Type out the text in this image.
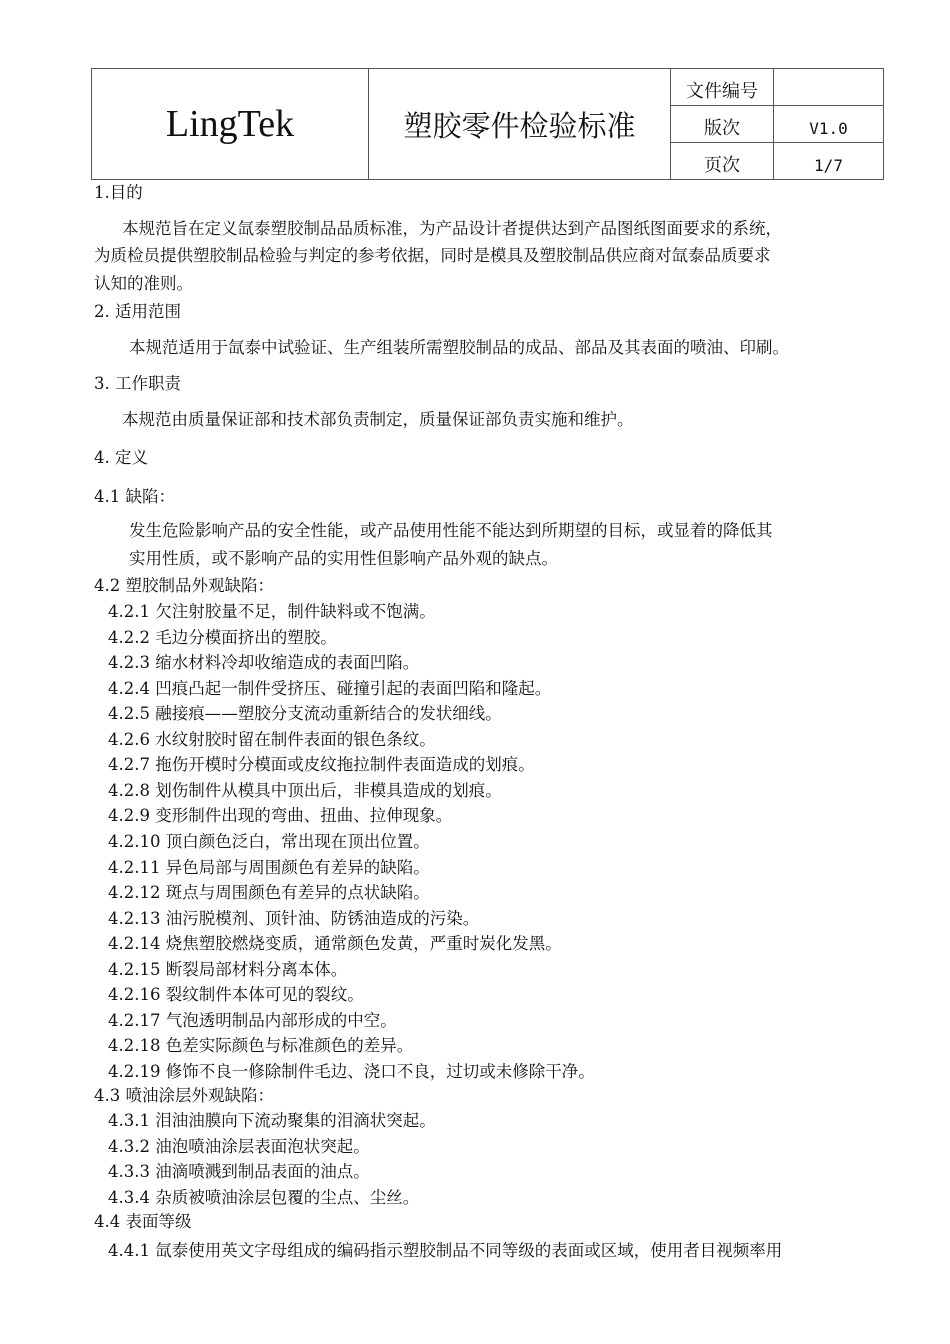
LingTek	塑胶零件检验标准
文件编号
版次	V1.0
页次	1/7
1.目的
本规范旨在定义氙泰塑胶制品品质标准，为产品设计者提供达到产品图纸图面要求的系统，
为质检员提供塑胶制品检验与判定的参考依据，同时是模具及塑胶制品供应商对氙泰品质要求
认知的准则。
2. 适用范围
本规范适用于氙泰中试验证、生产组装所需塑胶制品的成品、部品及其表面的喷油、印刷。
3. 工作职责
本规范由质量保证部和技术部负责制定，质量保证部负责实施和维护。
4. 定义
4.1 缺陷：
发生危险影响产品的安全性能，或产品使用性能不能达到所期望的目标，或显着的降低其
实用性质，或不影响产品的实用性但影响产品外观的缺点。
4.2 塑胶制品外观缺陷：
4.2.1 欠注射胶量不足，制件缺料或不饱满。
4.2.2 毛边分模面挤出的塑胶。
4.2.3 缩水材料冷却收缩造成的表面凹陷。
4.2.4 凹痕凸起一制件受挤压、碰撞引起的表面凹陷和隆起。
4.2.5 融接痕——塑胶分支流动重新结合的发状细线。
4.2.6 水纹射胶时留在制件表面的银色条纹。
4.2.7 拖伤开模时分模面或皮纹拖拉制件表面造成的划痕。
4.2.8 划伤制件从模具中顶出后，非模具造成的划痕。
4.2.9 变形制件出现的弯曲、扭曲、拉伸现象。
4.2.10 顶白颜色泛白，常出现在顶出位置。
4.2.11 异色局部与周围颜色有差异的缺陷。
4.2.12 斑点与周围颜色有差异的点状缺陷。
4.2.13 油污脱模剂、顶针油、防锈油造成的污染。
4.2.14 烧焦塑胶燃烧变质，通常颜色发黄，严重时炭化发黑。
4.2.15 断裂局部材料分离本体。
4.2.16 裂纹制件本体可见的裂纹。
4.2.17 气泡透明制品内部形成的中空。
4.2.18 色差实际颜色与标准颜色的差异。
4.2.19 修饰不良一修除制件毛边、浇口不良，过切或未修除干净。
4.3 喷油涂层外观缺陷：
4.3.1 泪油油膜向下流动聚集的泪滴状突起。
4.3.2 油泡喷油涂层表面泡状突起。
4.3.3 油滴喷溅到制品表面的油点。
4.3.4 杂质被喷油涂层包覆的尘点、尘丝。
4.4 表面等级
4.4.1 氙泰使用英文字母组成的编码指示塑胶制品不同等级的表面或区域，使用者目视频率用
